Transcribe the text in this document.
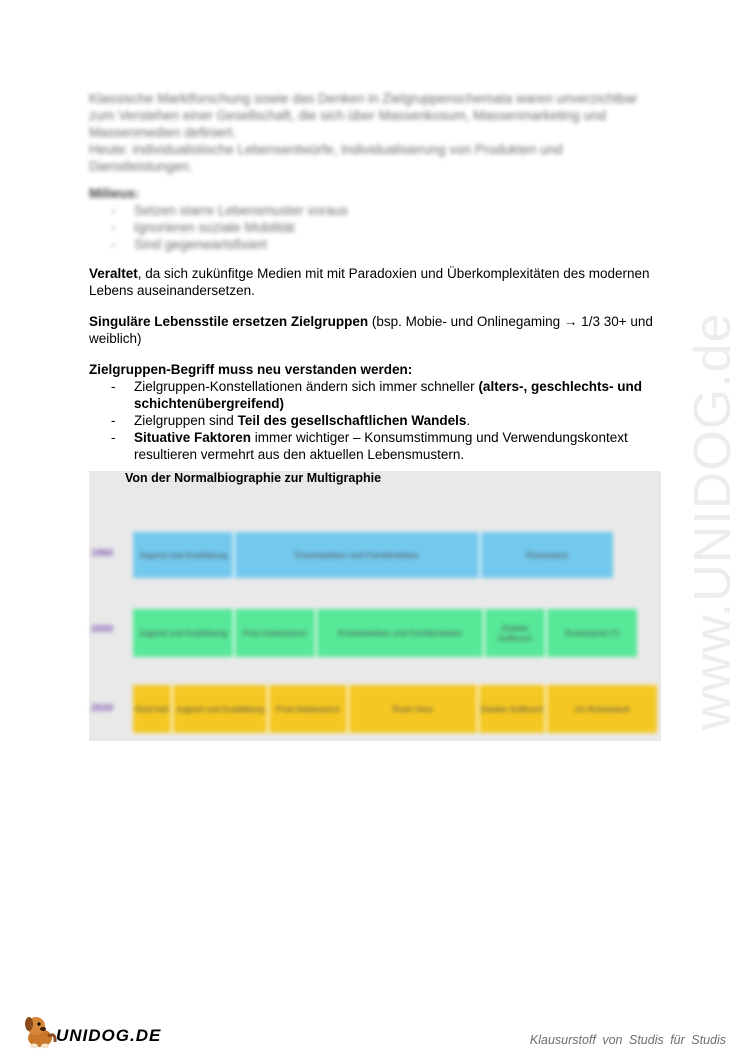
www.UNIDOG.de
Klassische Marktforschung sowie das Denken in Zielgruppenschemata waren unverzichtbar zum Verstehen einer Gesellschaft, die sich über Massenkosum, Massenmarketing und Massenmedien definiert.
Heute: individualistische Lebensentwürfe, Individualisierung von Produkten und Dienstleistungen.
Milieus:
- Setzen starre Lebensmuster voraus
- Ignorieren soziale Mobilität
- Sind gegenwartsfixiert
Veraltet, da sich zukünfitge Medien mit mit Paradoxien und Überkomplexitäten des modernen Lebens auseinandersetzen.
Singuläre Lebensstile ersetzen Zielgruppen (bsp. Mobie- und Onlinegaming → 1/3 30+ und weiblich)
Zielgruppen-Begriff muss neu verstanden werden:
- Zielgruppen-Konstellationen ändern sich immer schneller (alters-, geschlechts- und schichtenübergreifend)
- Zielgruppen sind Teil des gesellschaftlichen Wandels.
- Situative Faktoren immer wichtiger – Konsumstimmung und Verwendungskontext resultieren vermehrt aus den aktuellen Lebensmustern.
Von der Normalbiographie zur Multigraphie
1960	Jugend und Ausbildung	Erwerbsleben und Familienleben	Ruhestand
2000	Jugend und Ausbildung	Post-Adoleszenz	Erwerbsleben und Familienleben	Zweiter Aufbruch	Ruhestand (?)
2020	Kind-heit Jugend und Ausbildung	Post-Adoleszenz	Rush Hour	Zweiter Aufbruch	Un-Ruhestand
UNIDOG.DE	Klausurstoff von Studis für Studis
